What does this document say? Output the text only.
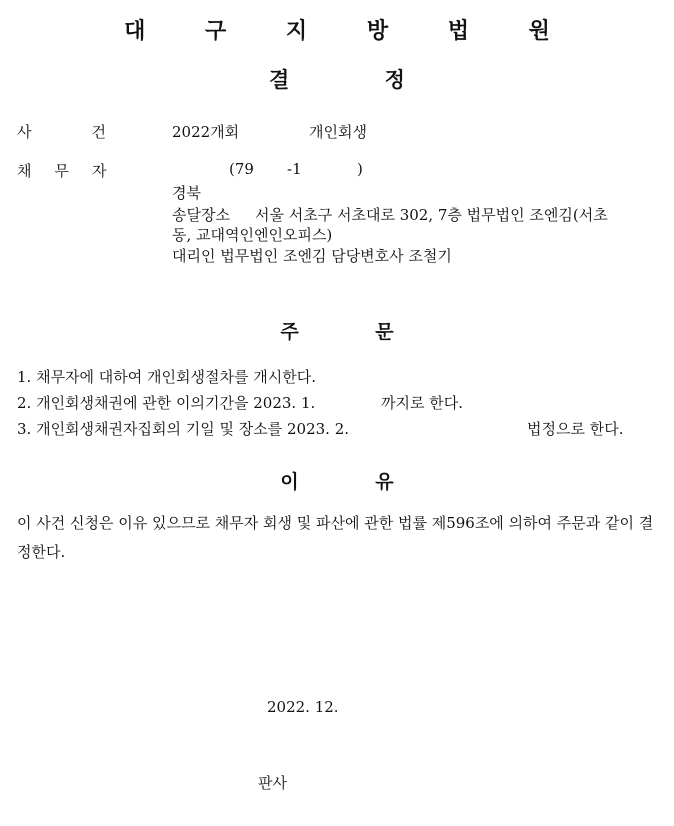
대 구 지 방 법 원
결 정
사건 2022개회	개인회생
채무자	(79 -1	)
경북
송달장소 서울 서초구 서초대로 302, 7층 법무법인 조엔김(서초
동, 교대역인엔인오피스)
대리인 법무법인 조엔김 담당변호사 조철기
주 문
1. 채무자에 대하여 개인회생절차를 개시한다.
2. 개인회생채권에 관한 이의기간을 2023. 1.	까지로 한다.
3. 개인회생채권자집회의 기일 및 장소를 2023. 2.	법정으로 한다.
이 유
이 사건 신청은 이유 있으므로 채무자 회생 및 파산에 관한 법률 제596조에 의하여 주문과 같이 결정한다.
2022. 12.
판사
